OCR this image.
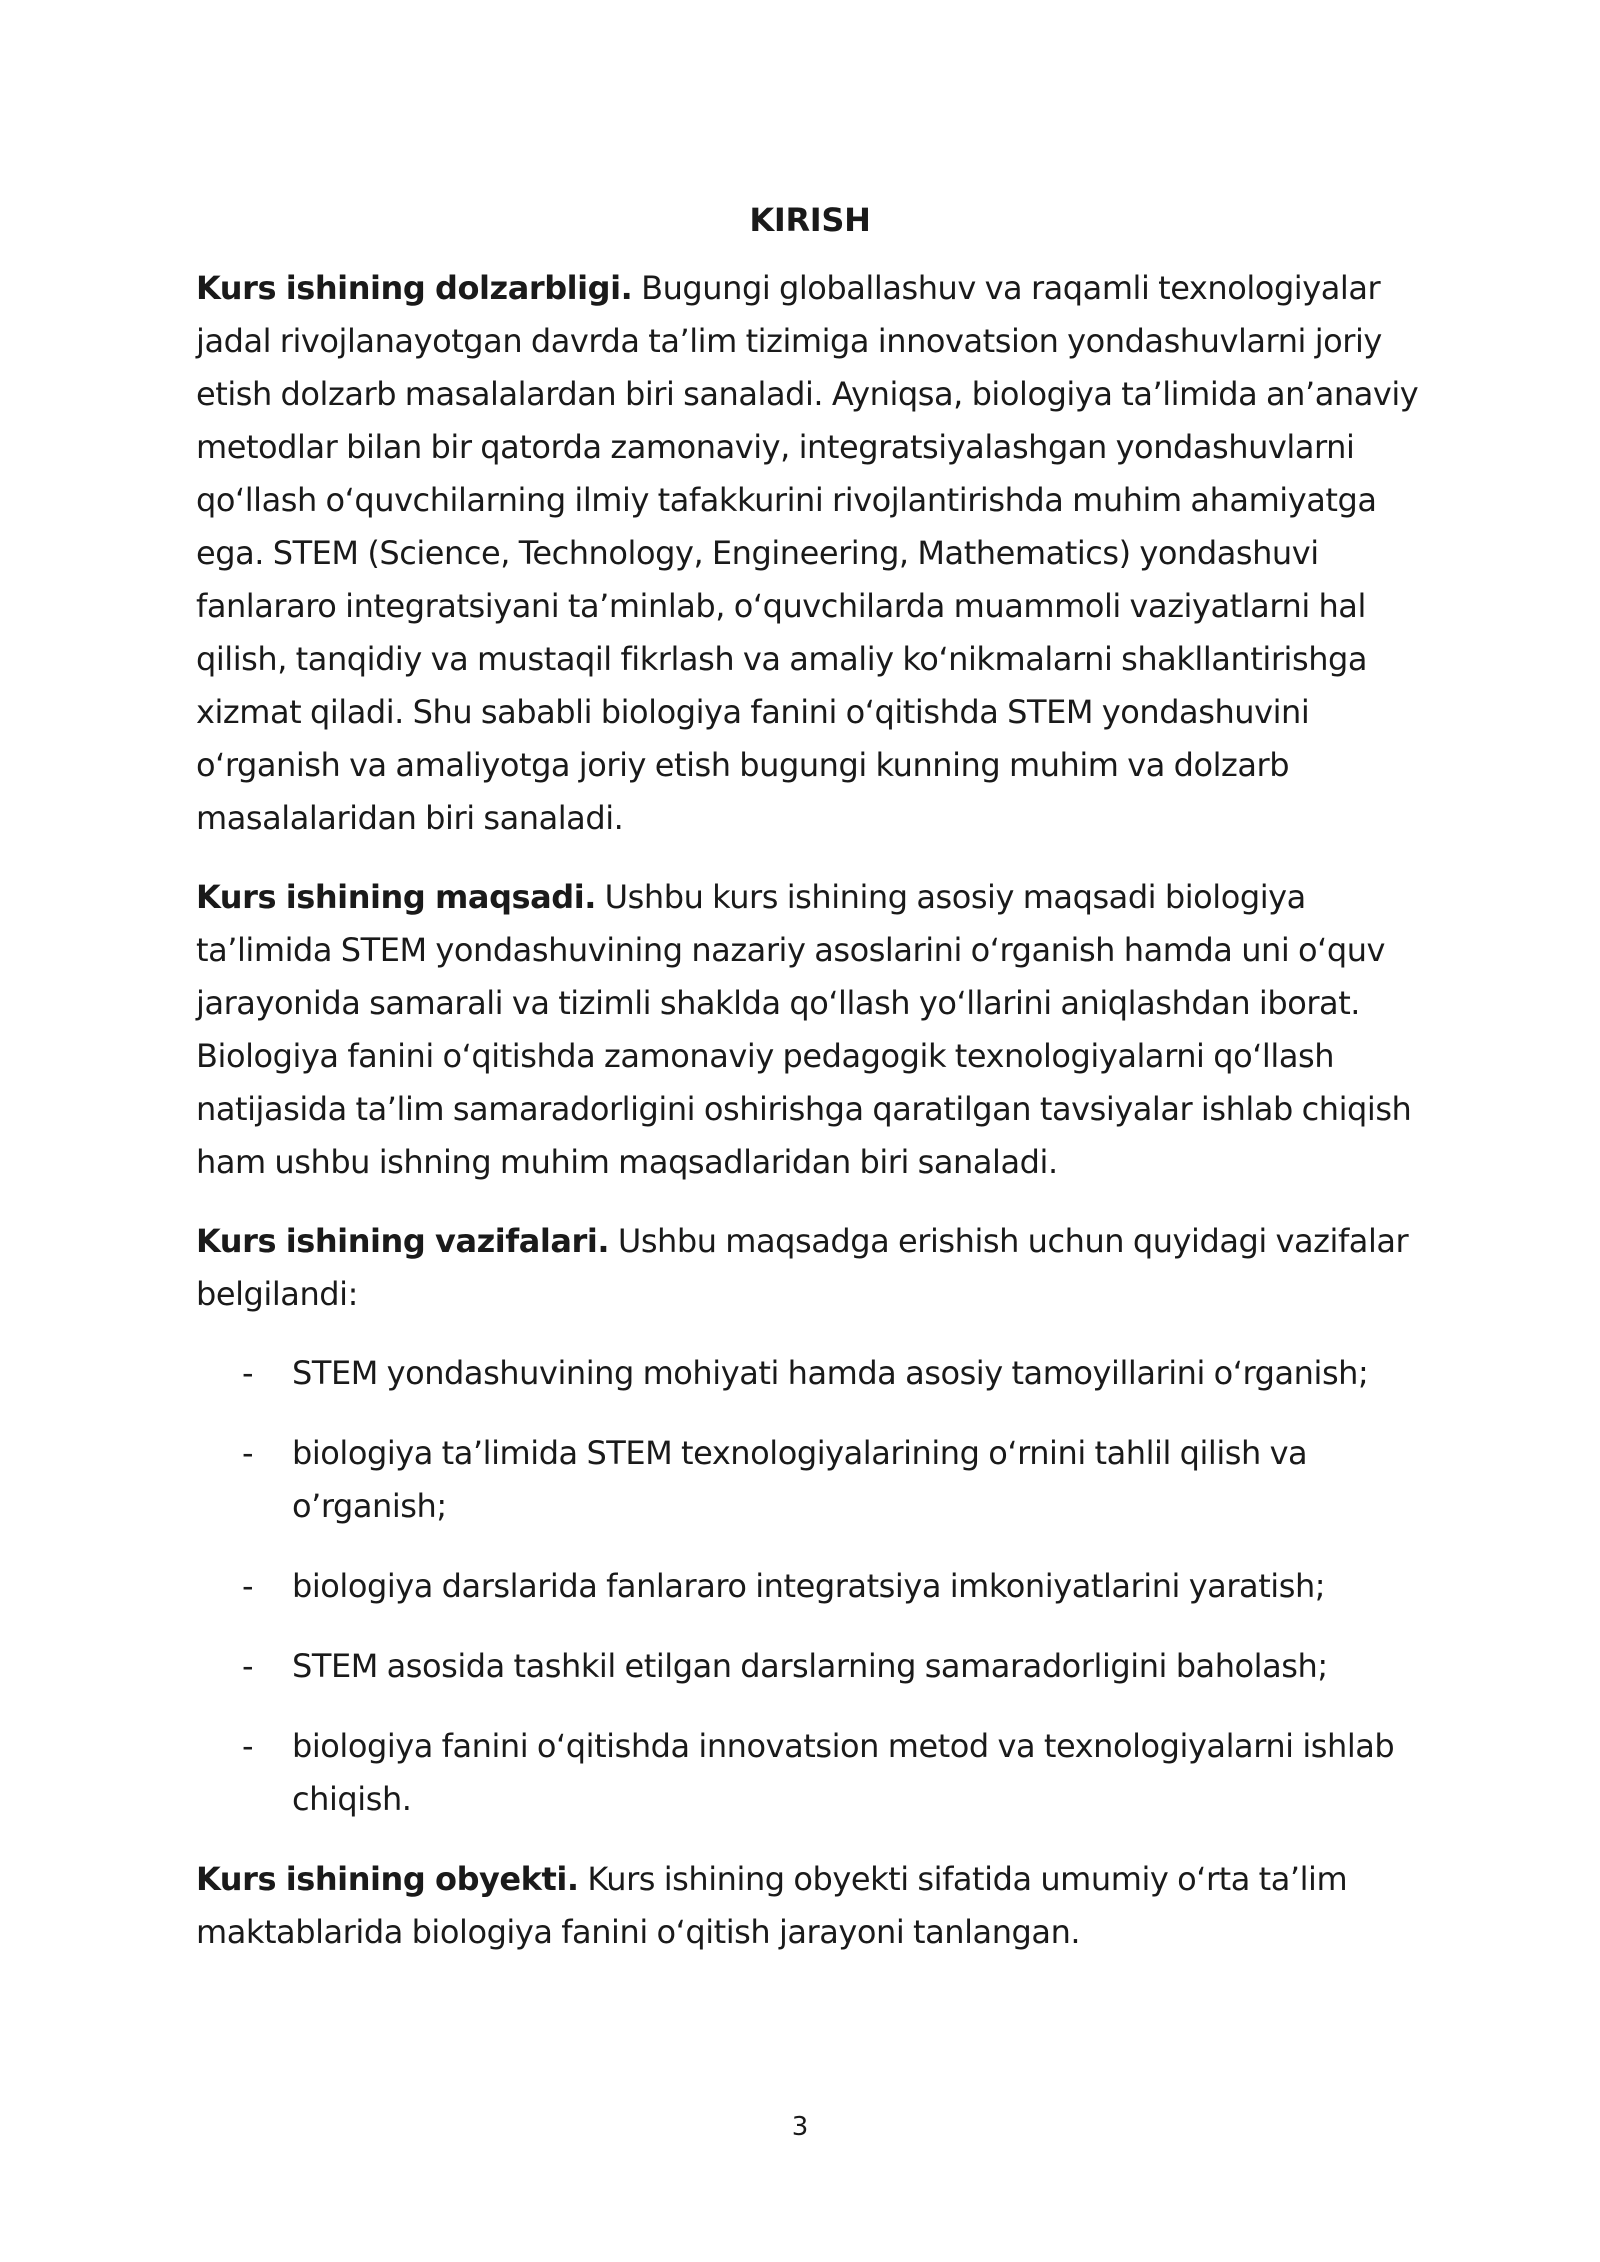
KIRISH

Kurs ishining dolzarbligi. Bugungi globallashuv va raqamli texnologiyalar jadal rivojlanayotgan davrda ta’lim tizimiga innovatsion yondashuvlarni joriy etish dolzarb masalalardan biri sanaladi. Ayniqsa, biologiya ta’limida an’anaviy metodlar bilan bir qatorda zamonaviy, integratsiyalashgan yondashuvlarni qo‘llash o‘quvchilarning ilmiy tafakkurini rivojlantirishda muhim ahamiyatga ega. STEM (Science, Technology, Engineering, Mathematics) yondashuvi fanlararo integratsiyani ta’minlab, o‘quvchilarda muammoli vaziyatlarni hal qilish, tanqidiy va mustaqil fikrlash va amaliy ko‘nikmalarni shakllantirishga xizmat qiladi. Shu sababli biologiya fanini o‘qitishda STEM yondashuvini o‘rganish va amaliyotga joriy etish bugungi kunning muhim va dolzarb masalalaridan biri sanaladi.

Kurs ishining maqsadi. Ushbu kurs ishining asosiy maqsadi biologiya ta’limida STEM yondashuvining nazariy asoslarini o‘rganish hamda uni o‘quv jarayonida samarali va tizimli shaklda qo‘llash yo‘llarini aniqlashdan iborat. Biologiya fanini o‘qitishda zamonaviy pedagogik texnologiyalarni qo‘llash natijasida ta’lim samaradorligini oshirishga qaratilgan tavsiyalar ishlab chiqish ham ushbu ishning muhim maqsadlaridan biri sanaladi.

Kurs ishining vazifalari. Ushbu maqsadga erishish uchun quyidagi vazifalar belgilandi:

- STEM yondashuvining mohiyati hamda asosiy tamoyillarini o‘rganish;
- biologiya ta’limida STEM texnologiyalarining o‘rnini tahlil qilish va o’rganish;
- biologiya darslarida fanlararo integratsiya imkoniyatlarini yaratish;
- STEM asosida tashkil etilgan darslarning samaradorligini baholash;
- biologiya fanini o‘qitishda innovatsion metod va texnologiyalarni ishlab chiqish.

Kurs ishining obyekti. Kurs ishining obyekti sifatida umumiy o‘rta ta’lim maktablarida biologiya fanini o‘qitish jarayoni tanlangan.

3
